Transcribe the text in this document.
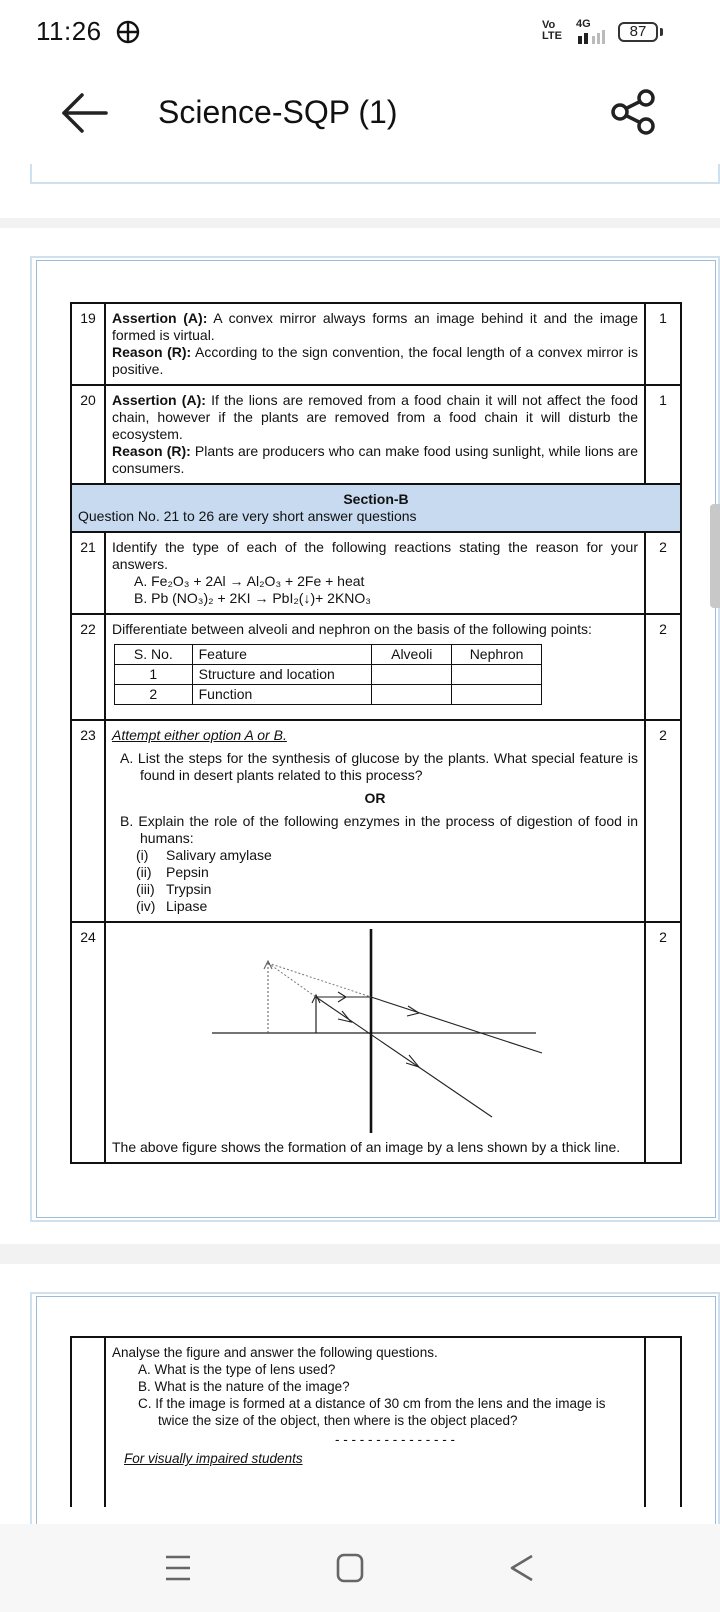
11:26	Vo
LTE
4G	87
Science-SQP (1)
19	Assertion (A): A convex mirror always forms an image behind it and the image formed is virtual.
Reason (R): According to the sign convention, the focal length of a convex mirror is positive.	1
20	Assertion (A): If the lions are removed from a food chain it will not affect the food chain, however if the plants are removed from a food chain it will disturb the ecosystem.
Reason (R): Plants are producers who can make food using sunlight, while lions are consumers.	1

Section-B
Question No. 21 to 26 are very short answer questions

21	Identify the type of each of the following reactions stating the reason for your answers.
A. Fe₂O₃ + 2Al → Al₂O₃ + 2Fe + heat
B. Pb (NO₃)₂ + 2KI → PbI₂(↓)+ 2KNO₃
	2
22	Differentiate between alveoli and nephron on the basis of the following points:
S. No.	Feature	Alveoli	Nephron
1	Structure and location		
2	Function		
	2
23	Attempt either option A or B.
A. List the steps for the synthesis of glucose by the plants. What special feature is found in desert plants related to this process?
OR
B. Explain the role of the following enzymes in the process of digestion of food in humans:
(i) Salivary amylase
(ii) Pepsin
(iii) Trypsin
(iv) Lipase
	2
24	
The above figure shows the formation of an image by a lens shown by a thick line.
	2

Analyse the figure and answer the following questions.
A. What is the type of lens used?
B. What is the nature of the image?
C. If the image is formed at a distance of 30 cm from the lens and the image is twice the size of the object, then where is the object placed?
- - - - - - - - - - - - - - -
For visually impaired students
